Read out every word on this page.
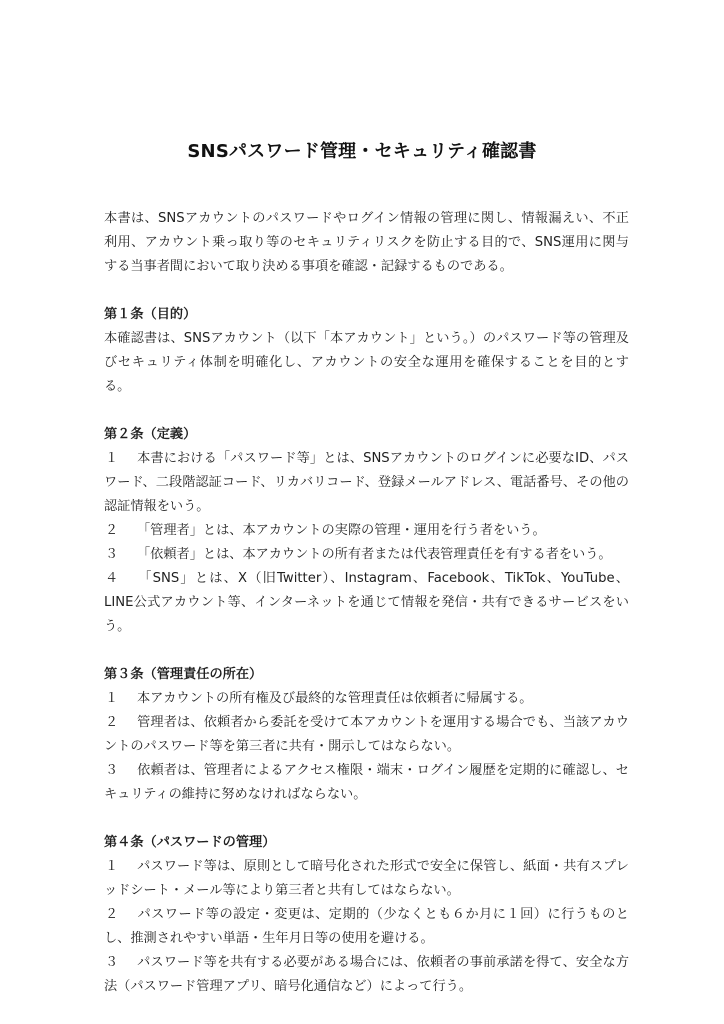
SNSパスワード管理・セキュリティ確認書

本書は、SNSアカウントのパスワードやログイン情報の管理に関し、情報漏えい、不正利用、アカウント乗っ取り等のセキュリティリスクを防止する目的で、SNS運用に関与する当事者間において取り決める事項を確認・記録するものである。

第１条（目的）

本確認書は、SNSアカウント（以下「本アカウント」という。）のパスワード等の管理及びセキュリティ体制を明確化し、アカウントの安全な運用を確保することを目的とする。

第２条（定義）

１ 本書における「パスワード等」とは、SNSアカウントのログインに必要なID、パスワード、二段階認証コード、リカバリコード、登録メールアドレス、電話番号、その他の認証情報をいう。

２ 「管理者」とは、本アカウントの実際の管理・運用を行う者をいう。

３ 「依頼者」とは、本アカウントの所有者または代表管理責任を有する者をいう。

４ 「SNS」とは、X（旧Twitter）、Instagram、Facebook、TikTok、YouTube、LINE公式アカウント等、インターネットを通じて情報を発信・共有できるサービスをいう。

第３条（管理責任の所在）

１ 本アカウントの所有権及び最終的な管理責任は依頼者に帰属する。

２ 管理者は、依頼者から委託を受けて本アカウントを運用する場合でも、当該アカウントのパスワード等を第三者に共有・開示してはならない。

３ 依頼者は、管理者によるアクセス権限・端末・ログイン履歴を定期的に確認し、セキュリティの維持に努めなければならない。

第４条（パスワードの管理）

１ パスワード等は、原則として暗号化された形式で安全に保管し、紙面・共有スプレッドシート・メール等により第三者と共有してはならない。

２ パスワード等の設定・変更は、定期的（少なくとも６か月に１回）に行うものとし、推測されやすい単語・生年月日等の使用を避ける。

３ パスワード等を共有する必要がある場合には、依頼者の事前承諾を得て、安全な方法（パスワード管理アプリ、暗号化通信など）によって行う。
